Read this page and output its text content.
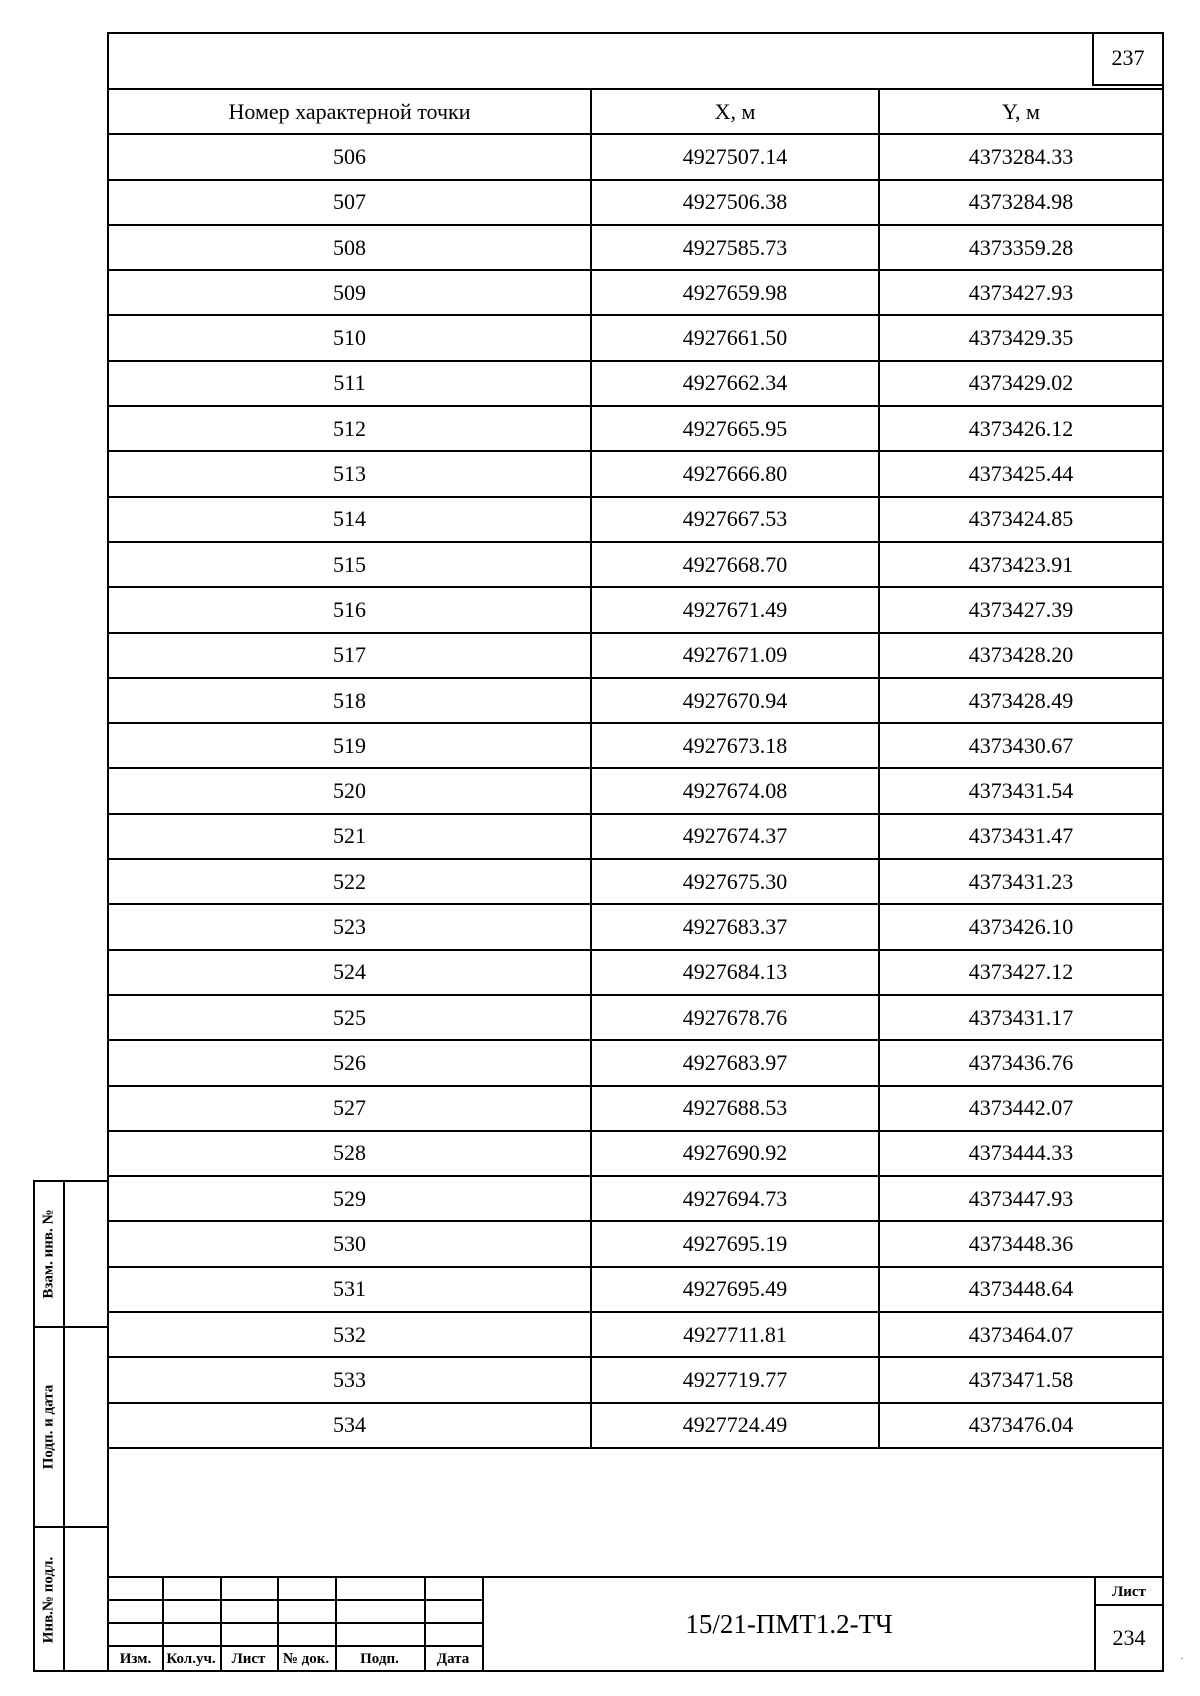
237
Номер характерной точки	X, м	Y, м
506	4927507.14	4373284.33
507	4927506.38	4373284.98
508	4927585.73	4373359.28
509	4927659.98	4373427.93
510	4927661.50	4373429.35
511	4927662.34	4373429.02
512	4927665.95	4373426.12
513	4927666.80	4373425.44
514	4927667.53	4373424.85
515	4927668.70	4373423.91
516	4927671.49	4373427.39
517	4927671.09	4373428.20
518	4927670.94	4373428.49
519	4927673.18	4373430.67
520	4927674.08	4373431.54
521	4927674.37	4373431.47
522	4927675.30	4373431.23
523	4927683.37	4373426.10
524	4927684.13	4373427.12
525	4927678.76	4373431.17
526	4927683.97	4373436.76
527	4927688.53	4373442.07
528	4927690.92	4373444.33
529	4927694.73	4373447.93
530	4927695.19	4373448.36
531	4927695.49	4373448.64
532	4927711.81	4373464.07
533	4927719.77	4373471.58
534	4927724.49	4373476.04
Изм.	Кол.уч.	Лист	№ док.	Подп.	Дата
15/21-ПМТ1.2-ТЧ
Лист
234
Взам. инв. №
Подп. и дата
Инв.№ подл.
·
